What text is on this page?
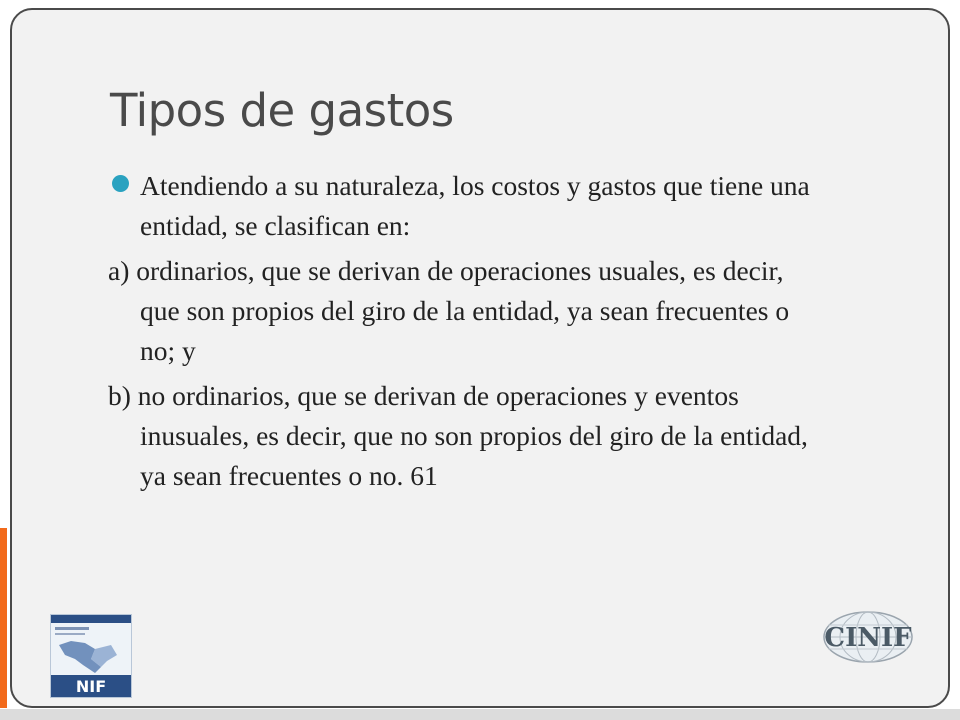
Tipos de gastos
Atendiendo a su naturaleza, los costos y gastos que tiene una
entidad, se clasifican en:

a) ordinarios, que se derivan de operaciones usuales, es decir,
que son propios del giro de la entidad, ya sean frecuentes o
no; y

b) no ordinarios, que se derivan de operaciones y eventos
inusuales, es decir, que no son propios del giro de la entidad,
ya sean frecuentes o no. 61

NIF
CINIF
